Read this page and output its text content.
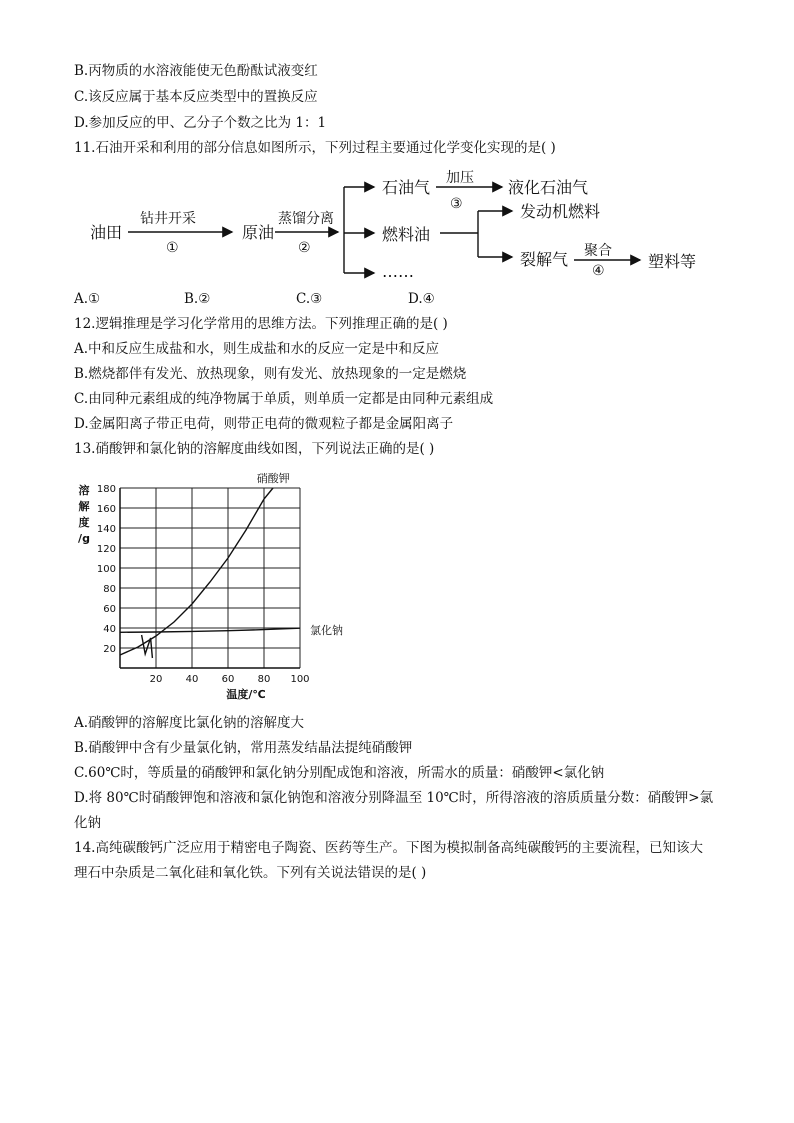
B.丙物质的水溶液能使无色酚酞试液变红
C.该反应属于基本反应类型中的置换反应
D.参加反应的甲、乙分子个数之比为 1：1
11.石油开采和利用的部分信息如图所示，下列过程主要通过化学变化实现的是( )
油田
钻井开采
①
原油
蒸馏分离
②
石油气 加压
③
液化石油气
燃料油
发动机燃料
裂解气 聚合
④	塑料等
……
A.①	B.②	C.③	D.④
12.逻辑推理是学习化学常用的思维方法。下列推理正确的是( )
A.中和反应生成盐和水，则生成盐和水的反应一定是中和反应
B.燃烧都伴有发光、放热现象，则有发光、放热现象的一定是燃烧
C.由同种元素组成的纯净物属于单质，则单质一定都是由同种元素组成
D.金属阳离子带正电荷，则带正电荷的微观粒子都是金属阳离子
13.硝酸钾和氯化钠的溶解度曲线如图，下列说法正确的是( )
20
40
60
80
100
120
140
160
180
20 40 60 80 100
硝酸钾
氯化钠
溶
解
度
/g
温度/℃
A.硝酸钾的溶解度比氯化钠的溶解度大
B.硝酸钾中含有少量氯化钠，常用蒸发结晶法提纯硝酸钾
C.60℃时，等质量的硝酸钾和氯化钠分别配成饱和溶液，所需水的质量：硝酸钾<氯化钠
D.将 80℃时硝酸钾饱和溶液和氯化钠饱和溶液分别降温至 10℃时，所得溶液的溶质质量分数：硝酸钾>氯
化钠
14.高纯碳酸钙广泛应用于精密电子陶瓷、医药等生产。下图为模拟制备高纯碳酸钙的主要流程，已知该大
理石中杂质是二氧化硅和氧化铁。下列有关说法错误的是( )
